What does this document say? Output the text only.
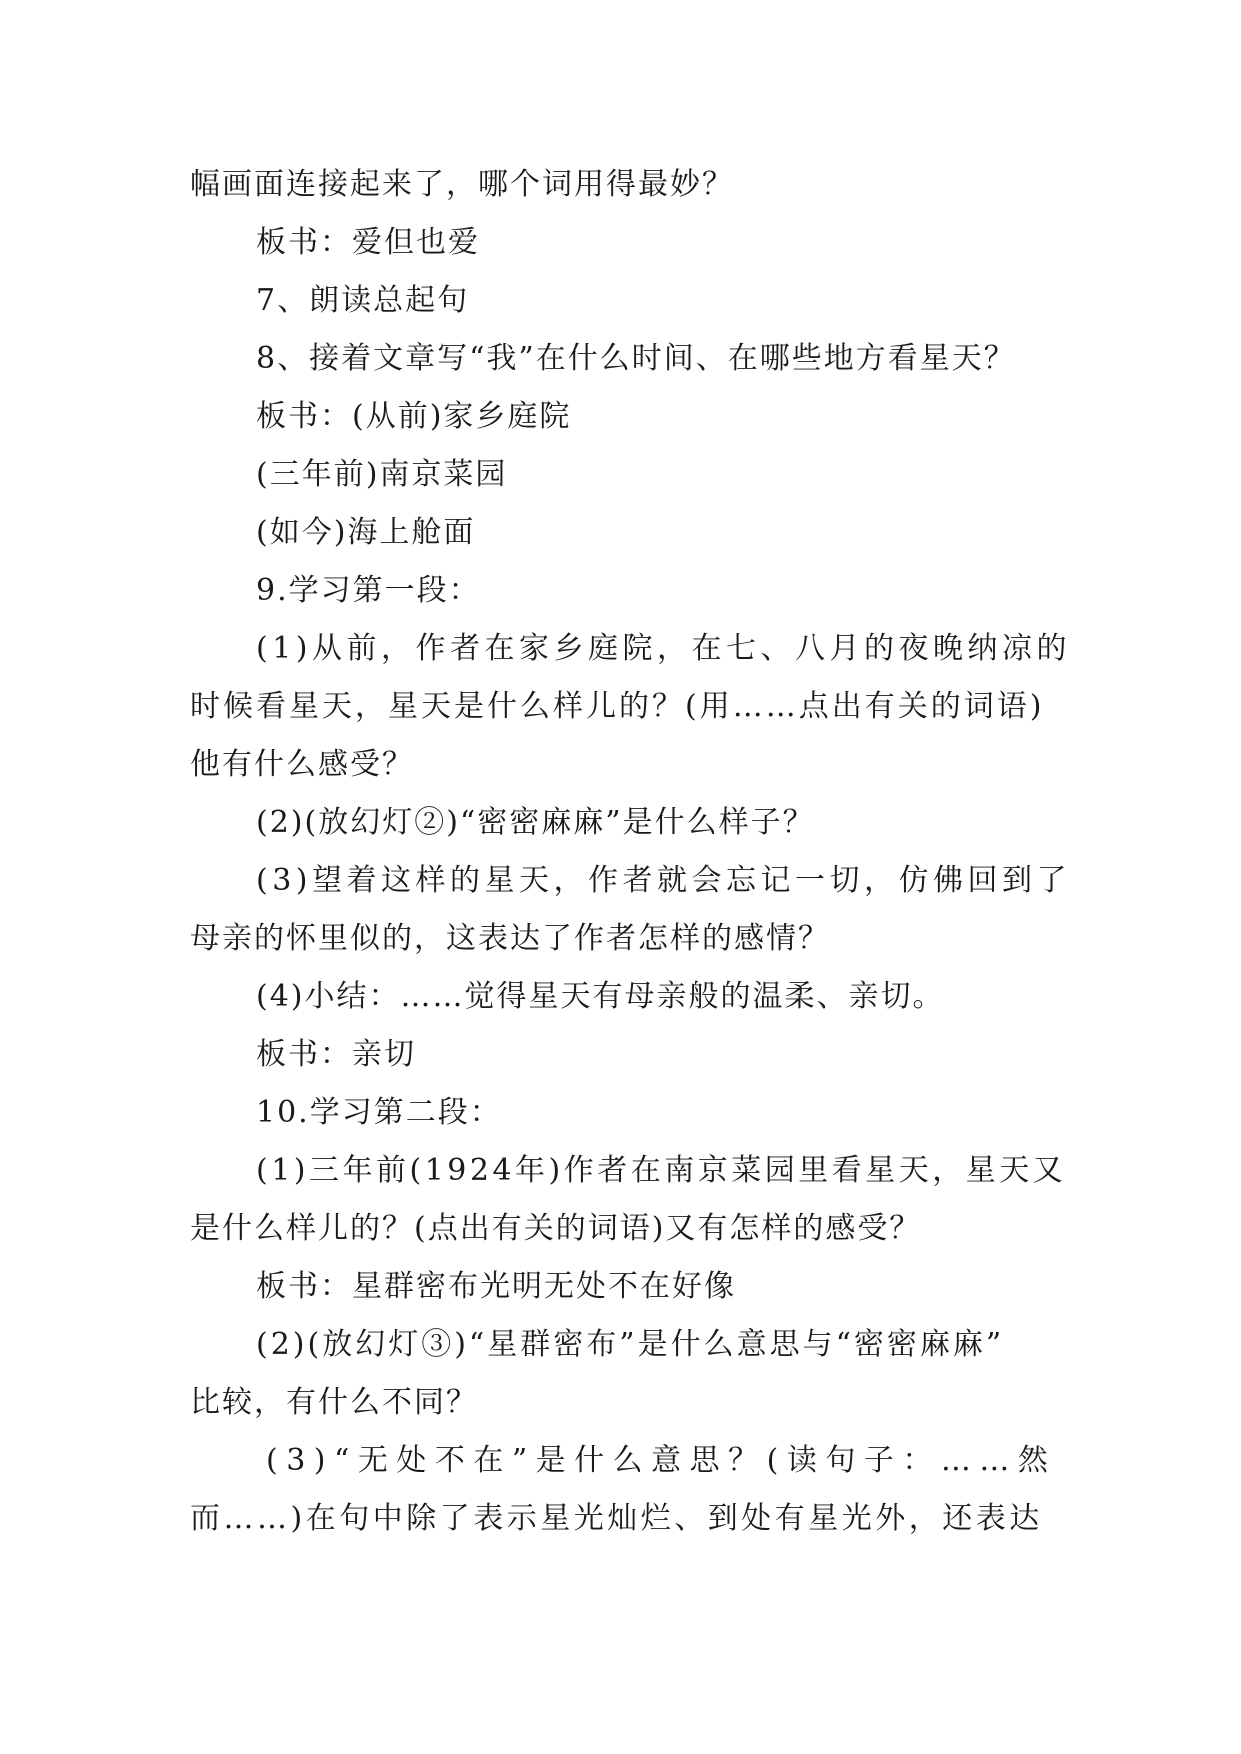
幅画面连接起来了，哪个词用得最妙？
板书：爱但也爱
7、朗读总起句
8、接着文章写“我”在什么时间、在哪些地方看星天？
板书：(从前)家乡庭院
(三年前)南京菜园
(如今)海上舱面
9.学习第一段：
(1)从前，作者在家乡庭院，在七、八月的夜晚纳凉的
时候看星天，星天是什么样儿的？(用……点出有关的词语)
他有什么感受？
(2)(放幻灯②)“密密麻麻”是什么样子？
(3)望着这样的星天，作者就会忘记一切，仿佛回到了
母亲的怀里似的，这表达了作者怎样的感情？
(4)小结：……觉得星天有母亲般的温柔、亲切。
板书：亲切
10.学习第二段：
(1)三年前(1924年)作者在南京菜园里看星天，星天又
是什么样儿的？(点出有关的词语)又有怎样的感受？
板书：星群密布光明无处不在好像
(2)(放幻灯③)“星群密布”是什么意思与“密密麻麻”
比较，有什么不同？
(3)“无处不在”是什么意思？(读句子：……然
而……)在句中除了表示星光灿烂、到处有星光外，还表达
